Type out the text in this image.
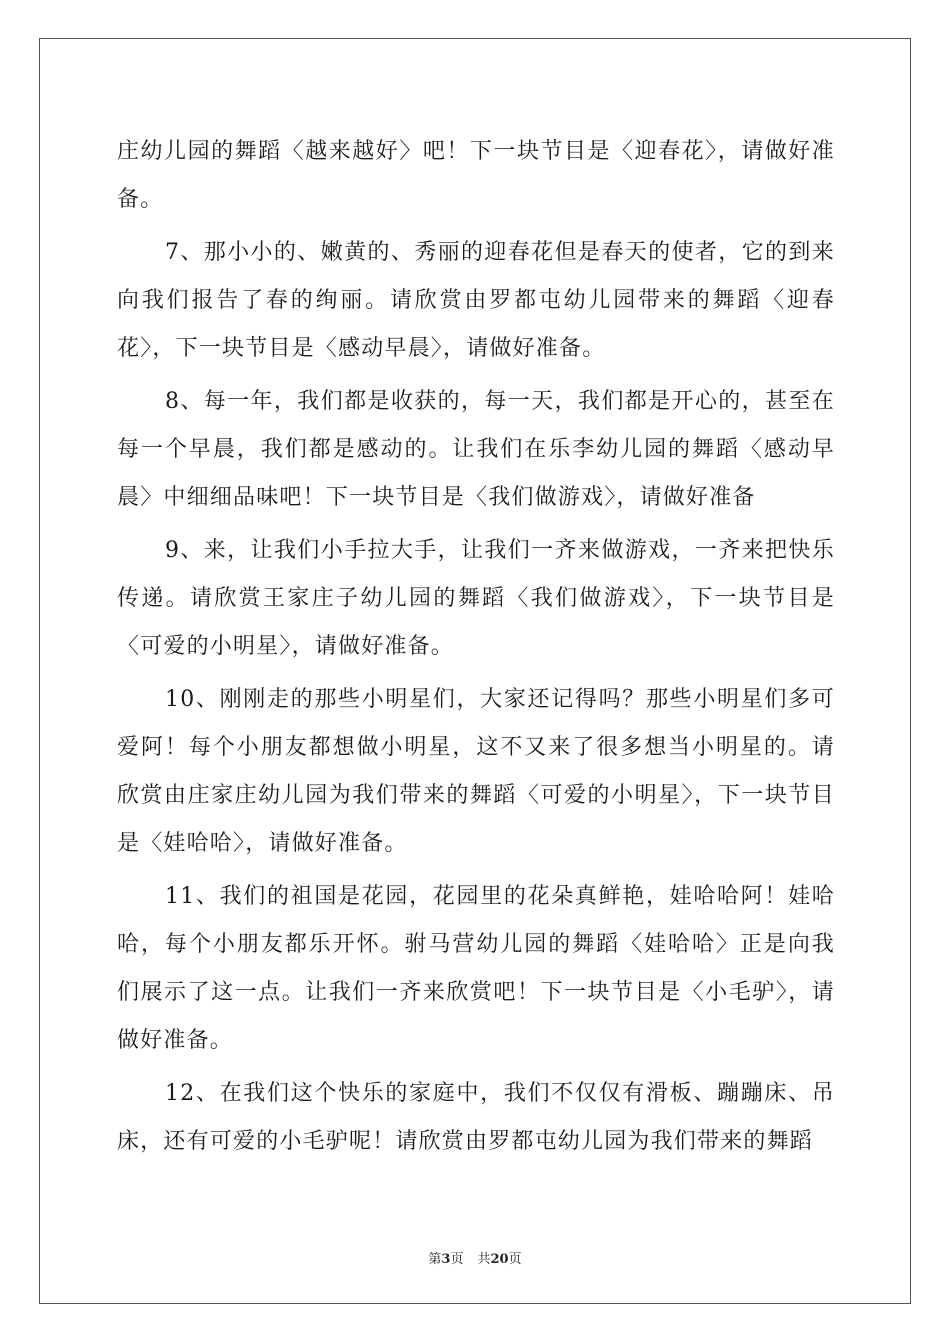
庄幼儿园的舞蹈〈越来越好〉吧！下一块节目是〈迎春花〉，请做好准备。

7、那小小的、嫩黄的、秀丽的迎春花但是春天的使者，它的到来向我们报告了春的绚丽。请欣赏由罗都屯幼儿园带来的舞蹈〈迎春花〉，下一块节目是〈感动早晨〉，请做好准备。

8、每一年，我们都是收获的，每一天，我们都是开心的，甚至在每一个早晨，我们都是感动的。让我们在乐李幼儿园的舞蹈〈感动早晨〉中细细品味吧！下一块节目是〈我们做游戏〉，请做好准备

9、来，让我们小手拉大手，让我们一齐来做游戏，一齐来把快乐传递。请欣赏王家庄子幼儿园的舞蹈〈我们做游戏〉，下一块节目是〈可爱的小明星〉，请做好准备。

10、刚刚走的那些小明星们，大家还记得吗？那些小明星们多可爱阿！每个小朋友都想做小明星，这不又来了很多想当小明星的。请欣赏由庄家庄幼儿园为我们带来的舞蹈〈可爱的小明星〉，下一块节目是〈娃哈哈〉，请做好准备。

11、我们的祖国是花园，花园里的花朵真鲜艳，娃哈哈阿！娃哈哈，每个小朋友都乐开怀。驸马营幼儿园的舞蹈〈娃哈哈〉正是向我们展示了这一点。让我们一齐来欣赏吧！下一块节目是〈小毛驴〉，请做好准备。

12、在我们这个快乐的家庭中，我们不仅仅有滑板、蹦蹦床、吊床，还有可爱的小毛驴呢！请欣赏由罗都屯幼儿园为我们带来的舞蹈

第3页 共20页
